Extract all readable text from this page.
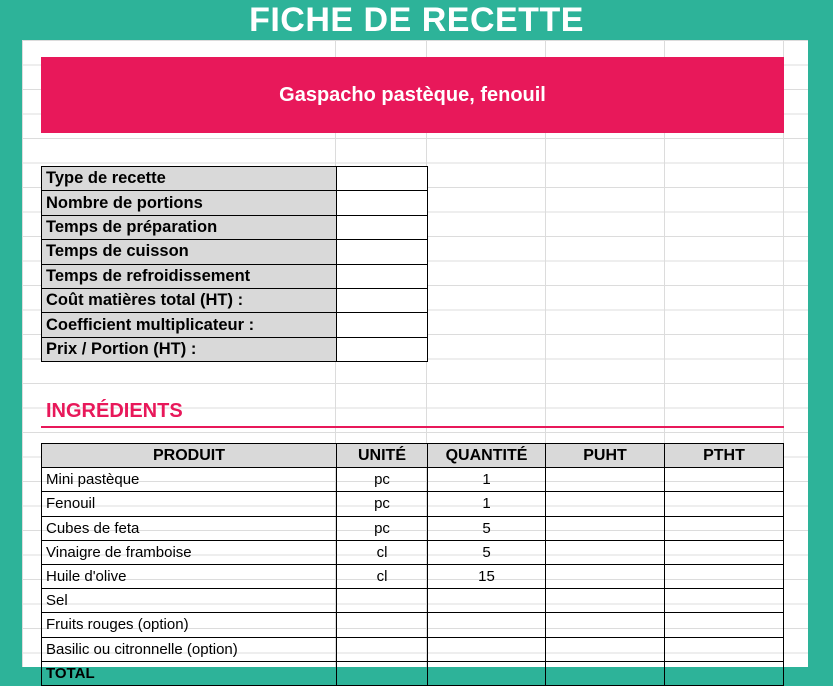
FICHE DE RECETTE
Gaspacho pastèque, fenouil
Type de recette	
Nombre de portions	
Temps de préparation	
Temps de cuisson	
Temps de refroidissement	
Coût matières total (HT) :	
Coefficient multiplicateur :	
Prix / Portion (HT) :	
INGRÉDIENTS
PRODUIT	UNITÉ	QUANTITÉ	PUHT	PTHT
Mini pastèque	pc	1		
Fenouil	pc	1		
Cubes de feta	pc	5		
Vinaigre de framboise	cl	5		
Huile d'olive	cl	15		
Sel				
Fruits rouges (option)				
Basilic ou citronnelle (option)				
TOTAL				
